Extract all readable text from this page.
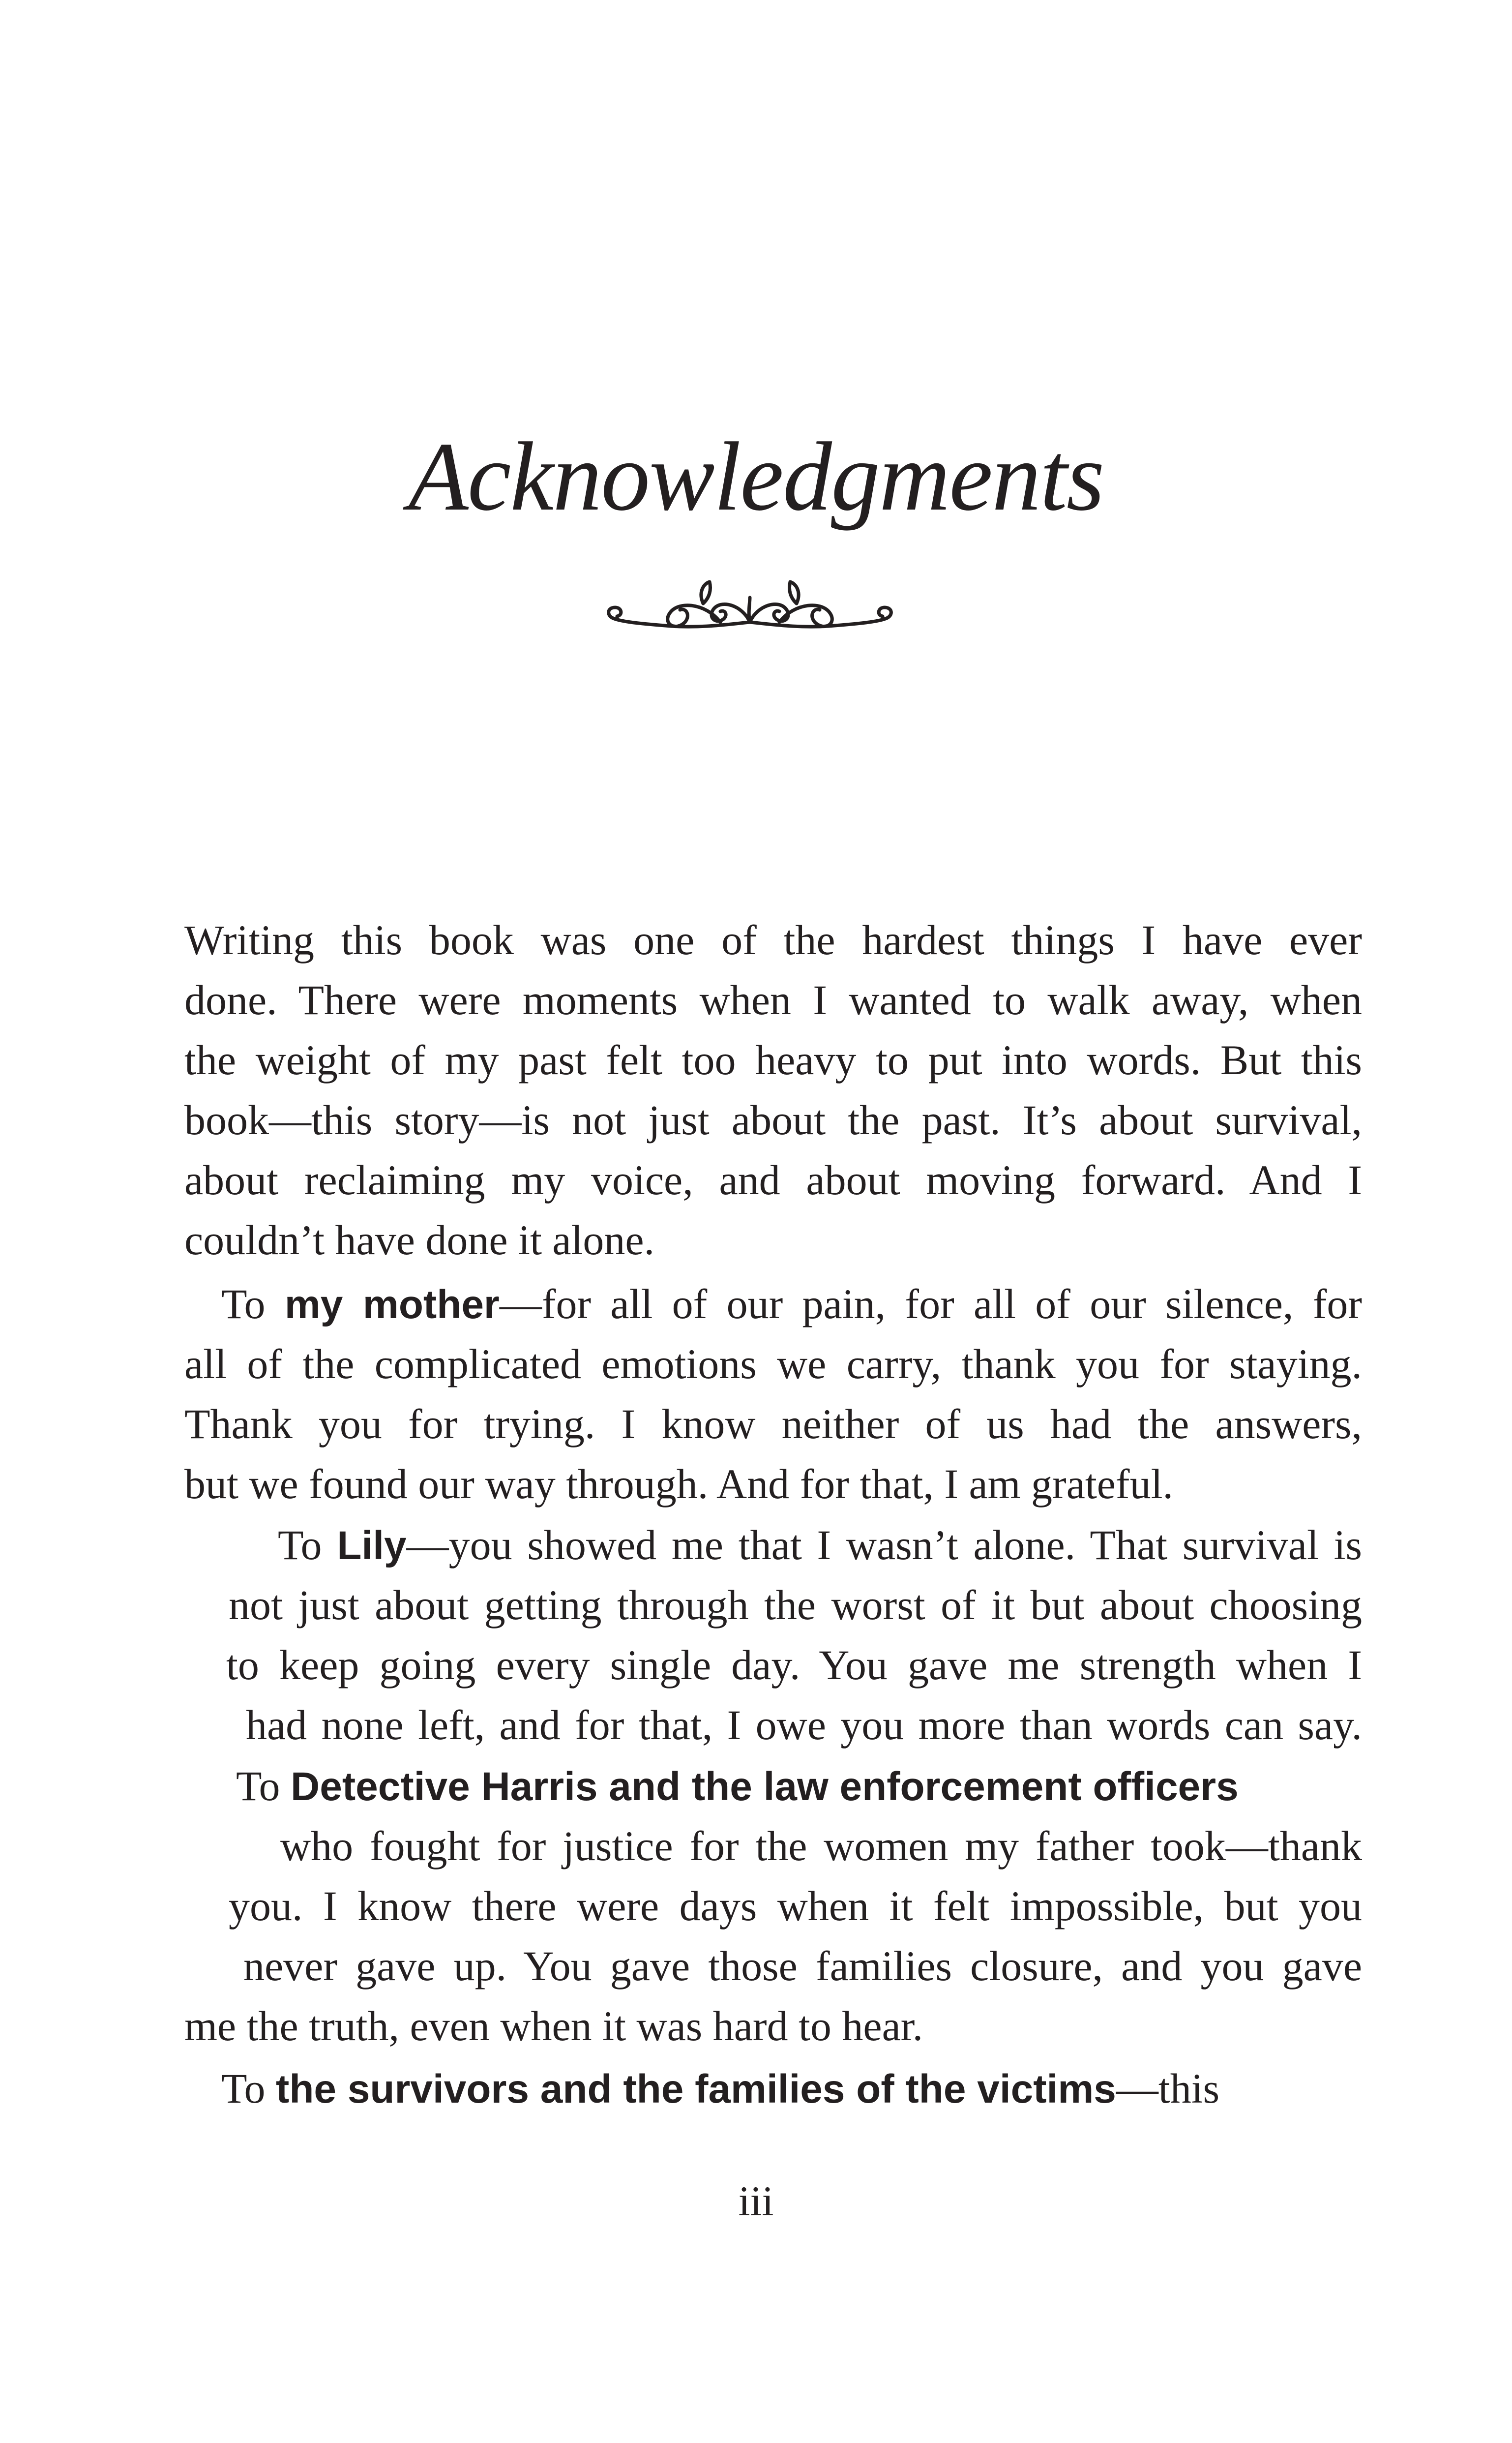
Acknowledgments
Writing this book was one of the hardest things I have ever
done. There were moments when I wanted to walk away, when
the weight of my past felt too heavy to put into words. But this
book—this story—is not just about the past. It’s about survival,
about reclaiming my voice, and about moving forward. And I
couldn’t have done it alone.
To my mother—for all of our pain, for all of our silence, for
all of the complicated emotions we carry, thank you for staying.
Thank you for trying. I know neither of us had the answers,
but we found our way through. And for that, I am grateful.
To Lily—you showed me that I wasn’t alone. That survival is
not just about getting through the worst of it but about choosing
to keep going every single day. You gave me strength when I
had none left, and for that, I owe you more than words can say.
To Detective Harris and the law enforcement officers
who fought for justice for the women my father took—thank
you. I know there were days when it felt impossible, but you
never gave up. You gave those families closure, and you gave
me the truth, even when it was hard to hear.
To the survivors and the families of the victims—this
iii
